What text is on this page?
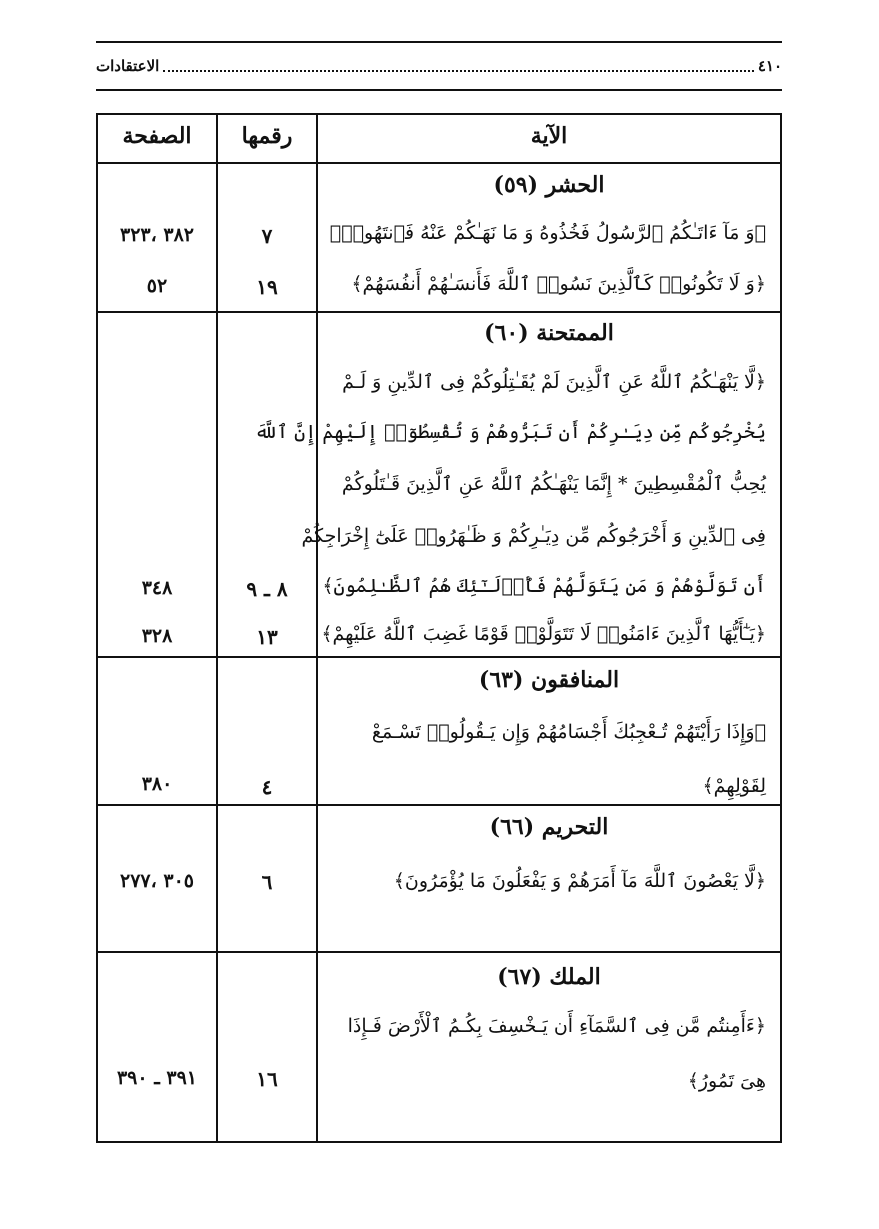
٤١٠
الاعتقادات
الآية
رقمها
الصفحة
الحشر (٥٩)
﴿وَ مَآ ءَاتَـٰكُمُ ٱلرَّسُولُ فَخُذُوهُ وَ مَا نَهَـٰكُمْ عَنْهُ فَٱنتَهُوا۟﴾
٧
٣٨٢ ،٣٢٣
﴿وَ لَا تَكُونُوا۟ كَٱلَّذِينَ نَسُوا۟ ٱللَّهَ فَأَنسَـٰهُمْ أَنفُسَهُمْ﴾
١٩
٥٢
الممتحنة (٦٠)
﴿لَّا يَنْهَـٰكُمُ ٱللَّهُ عَنِ ٱلَّذِينَ لَمْ يُقَـٰتِلُوكُمْ فِى ٱلدِّينِ وَ لَـمْ
يُخْرِجُوكُم مِّن دِيَـٰرِكُمْ أَن تَبَرُّوهُمْ وَ تُقْسِطُوٓا۟ إِلَيْهِمْ إِنَّ ٱللَّهَ
يُحِبُّ ٱلْمُقْسِطِينَ * إِنَّمَا يَنْهَـٰكُمُ ٱللَّهُ عَنِ ٱلَّذِينَ قَـٰتَلُوكُمْ
فِى ٱلدِّينِ وَ أَخْرَجُوكُم مِّن دِيَـٰرِكُمْ وَ ظَـٰهَرُوا۟ عَلَىٰٓ إِخْرَاجِكُمْ
أَن تَوَلَّوْهُمْ وَ مَن يَتَوَلَّهُمْ فَأُو۟لَـٰٓئِكَ هُمُ ٱلظَّـٰلِمُونَ﴾
٨ ـ ٩
٣٤٨
﴿يَـٰٓأَيُّهَا ٱلَّذِينَ ءَامَنُوا۟ لَا تَتَوَلَّوْا۟ قَوْمًا غَضِبَ ٱللَّهُ عَلَيْهِمْ﴾
١٣
٣٢٨
المنافقون (٦٣)
﴿وَإِذَا رَأَيْتَهُمْ تُـعْجِبُكَ أَجْسَامُهُمْ وَإِن يَـقُولُوا۟ تَسْـمَعْ
لِقَوْلِهِمْ﴾
٤
٣٨٠
التحريم (٦٦)
﴿لَّا يَعْصُونَ ٱللَّهَ مَآ أَمَرَهُمْ وَ يَفْعَلُونَ مَا يُؤْمَرُونَ﴾
٦
٣٠٥ ،٢٧٧
الملك (٦٧)
﴿ءَأَمِنتُم مَّن فِى ٱلسَّمَآءِ أَن يَـخْسِفَ بِكُـمُ ٱلْأَرْضَ فَـإِذَا
هِىَ تَمُورُ﴾
١٦
٣٩١ ـ ٣٩٠
